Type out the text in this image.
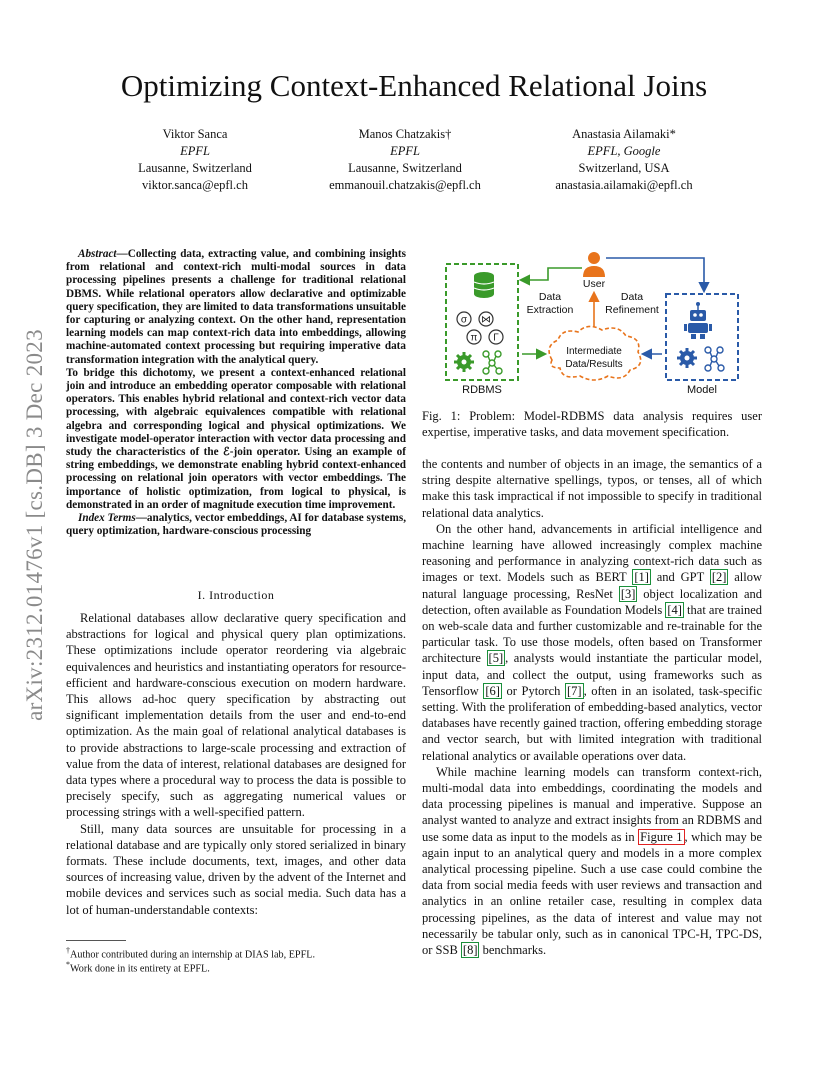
Optimizing Context-Enhanced Relational Joins
Viktor Sanca
EPFL
Lausanne, Switzerland
viktor.sanca@epfl.ch
Manos Chatzakis†
EPFL
Lausanne, Switzerland
emmanouil.chatzakis@epfl.ch
Anastasia Ailamaki*
EPFL, Google
Switzerland, USA
anastasia.ailamaki@epfl.ch
arXiv:2312.01476v1 [cs.DB] 3 Dec 2023

Abstract—Collecting data, extracting value, and combining insights from relational and context-rich multi-modal sources in data processing pipelines presents a challenge for traditional relational DBMS. While relational operators allow declarative and optimizable query specification, they are limited to data transformations unsuitable for capturing or analyzing context. On the other hand, representation learning models can map context-rich data into embeddings, allowing machine-automated context processing but requiring imperative data transformation integration with the analytical query.

To bridge this dichotomy, we present a context-enhanced relational join and introduce an embedding operator composable with relational operators. This enables hybrid relational and context-rich vector data processing, with algebraic equivalences compatible with relational algebra and corresponding logical and physical optimizations. We investigate model-operator interaction with vector data processing and study the characteristics of the ℰ-join operator. Using an example of string embeddings, we demonstrate enabling hybrid context-enhanced processing on relational join operators with vector embeddings. The importance of holistic optimization, from logical to physical, is demonstrated in an order of magnitude execution time improvement.

Index Terms—analytics, vector embeddings, AI for database systems, query optimization, hardware-conscious processing

I. Introduction

Relational databases allow declarative query specification and abstractions for logical and physical query plan optimizations. These optimizations include operator reordering via algebraic equivalences and heuristics and instantiating operators for resource-efficient and hardware-conscious execution on modern hardware. This allows ad-hoc query specification by abstracting out significant implementation details from the user and end-to-end optimization. As the main goal of relational analytical databases is to provide abstractions to large-scale processing and extraction of value from the data of interest, relational databases are designed for data types where a procedural way to process the data is possible to precisely specify, such as aggregating numerical values or processing strings with a well-specified pattern.

Still, many data sources are unsuitable for processing in a relational database and are typically only stored serialized in binary formats. These include documents, text, images, and other data sources of increasing value, driven by the advent of the Internet and mobile devices and services such as social media. Such data has a lot of human-understandable contexts:

†Author contributed during an internship at DIAS lab, EPFL.
*Work done in its entirety at EPFL.
σ ⋈
π Γ
RDBMS	Model
User
Data
Extraction
Data
Refinement
Intermediate
Data/Results
Fig. 1: Problem: Model-RDBMS data analysis requires user expertise, imperative tasks, and data movement specification.

the contents and number of objects in an image, the semantics of a string despite alternative spellings, typos, or tenses, all of which make this task impractical if not impossible to specify in traditional relational data analytics.

On the other hand, advancements in artificial intelligence and machine learning have allowed increasingly complex machine reasoning and performance in analyzing context-rich data such as images or text. Models such as BERT [1] and GPT [2] allow natural language processing, ResNet [3] object localization and detection, often available as Foundation Models [4] that are trained on web-scale data and further customizable and re-trainable for the particular task. To use those models, often based on Transformer architecture [5] , analysts would instantiate the particular model, input data, and collect the output, using frameworks such as Tensorflow [6] or Pytorch [7] , often in an isolated, task-specific setting. With the proliferation of embedding-based analytics, vector databases have recently gained traction, offering embedding storage and vector search, but with limited integration with traditional relational analytics or available operations over data.

While machine learning models can transform context-rich, multi-modal data into embeddings, coordinating the models and data processing pipelines is manual and imperative. Suppose an analyst wanted to analyze and extract insights from an RDBMS and use some data as input to the models as in Figure 1 , which may be again input to an analytical query and models in a more complex analytical processing pipeline. Such a use case could combine the data from social media feeds with user reviews and transaction and analytics in an online retailer case, resulting in complex data processing pipelines, as the data of interest and value may not necessarily be tabular only, such as in canonical TPC-H, TPC-DS, or SSB [8] benchmarks.
